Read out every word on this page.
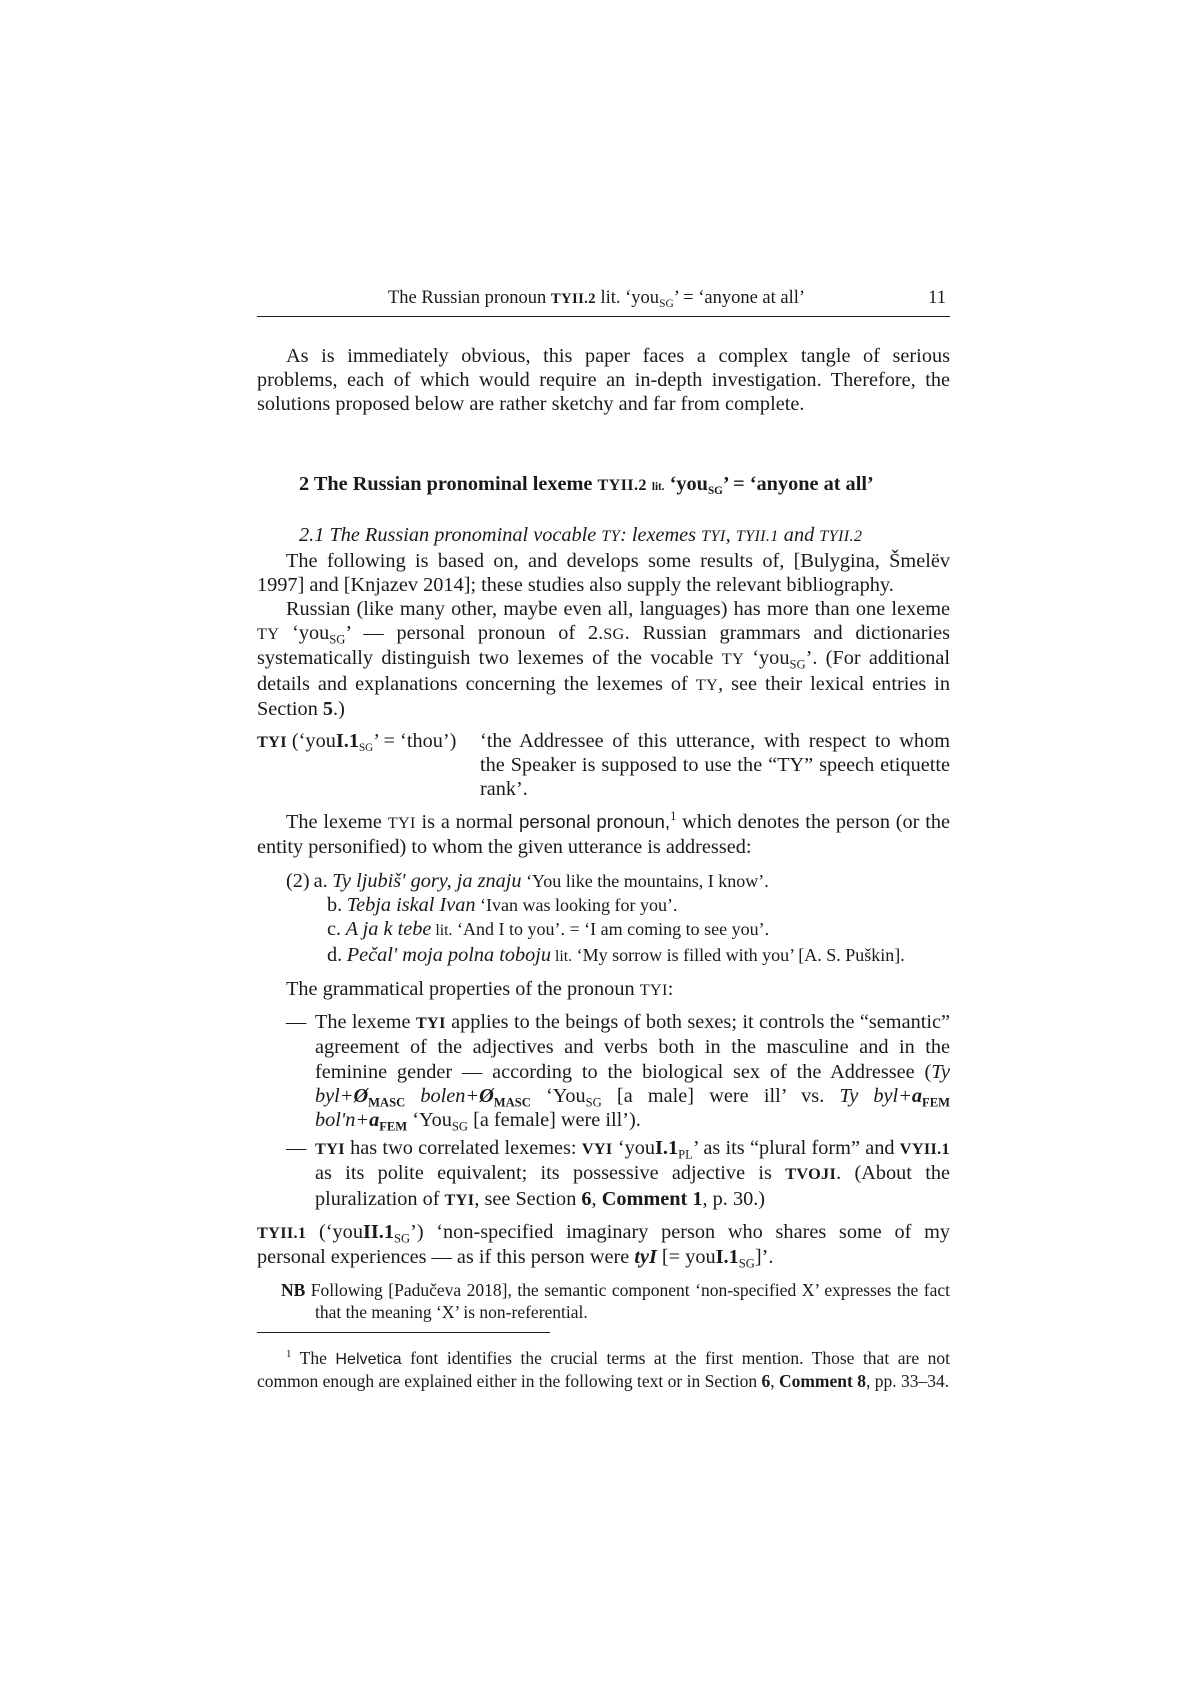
The Russian pronoun TYII.2 lit. ‘you$_{SG}$’ = ‘anyone at all’	11

As is immediately obvious, this paper faces a complex tangle of serious problems, each of which would require an in-depth investigation. Therefore, the solutions proposed below are rather sketchy and far from complete.

2 The Russian pronominal lexeme TYII.2 lit. ‘you$_{SG}$’ = ‘anyone at all’
2.1 The Russian pronominal vocable TY: lexemes TYI, TYII.1 and TYII.2

The following is based on, and develops some results of, [Bulygina, Šmelëv 1997] and [Knjazev 2014]; these studies also supply the relevant bibliography.

Russian (like many other, maybe even all, languages) has more than one lexeme TY ‘you$_{SG}$’ — personal pronoun of 2.SG. Russian grammars and dictionaries systematically distinguish two lexemes of the vocable TY ‘you$_{SG}$’. (For additional details and explanations concerning the lexemes of TY, see their lexical entries in Section 5.)

TYI (‘$youI.1_{SG}$’ = ‘thou’)	‘the Addressee of this utterance, with respect to whom the Speaker is supposed to use the “TY” speech etiquette rank’.

The lexeme TYI is a normal personal pronoun,$^1$ which denotes the person (or the entity personified) to whom the given utterance is addressed:

(2) a. Ty ljubiš' gory, ja znaju ‘You like the mountains, I know’.
b. Tebja iskal Ivan ‘Ivan was looking for you’.
c. A ja k tebe lit. ‘And I to you’. = ‘I am coming to see you’.
d. Pečal' moja polna toboju lit. ‘My sorrow is filled with you’ [A. S. Puškin].

The grammatical properties of the pronoun TYI:

— The lexeme TYI applies to the beings of both sexes; it controls the “semantic” agreement of the adjectives and verbs both in the masculine and in the feminine gender — according to the biological sex of the Addressee (Ty $byl+Ø_{MASC}$ $bolen+Ø_{MASC}$ ‘You$_{SG}$ [a male] were ill’ vs. Ty $byl+a_{FEM}$ $bol'n+a_{FEM}$ ‘You$_{SG}$ [a female] were ill’).
— TYI has two correlated lexemes: VYI ‘$youI.1_{PL}$’ as its “plural form” and VYII.1 as its polite equivalent; its possessive adjective is TVOJI. (About the pluralization of TYI, see Section 6, Comment 1, p. 30.)

TYII.1 $(‘youII.1_{SG}’)$ ‘non-specified imaginary person who shares some of my personal experiences — as if this person were tyI [= $youI.1_{SG}$]’.

NB Following [Padučeva 2018], the semantic component ‘non-specified X’ expresses the fact that the meaning ‘X’ is non-referential.

$^1$ The Helvetica font identifies the crucial terms at the first mention. Those that are not common enough are explained either in the following text or in Section 6, Comment 8, pp. 33–34.
